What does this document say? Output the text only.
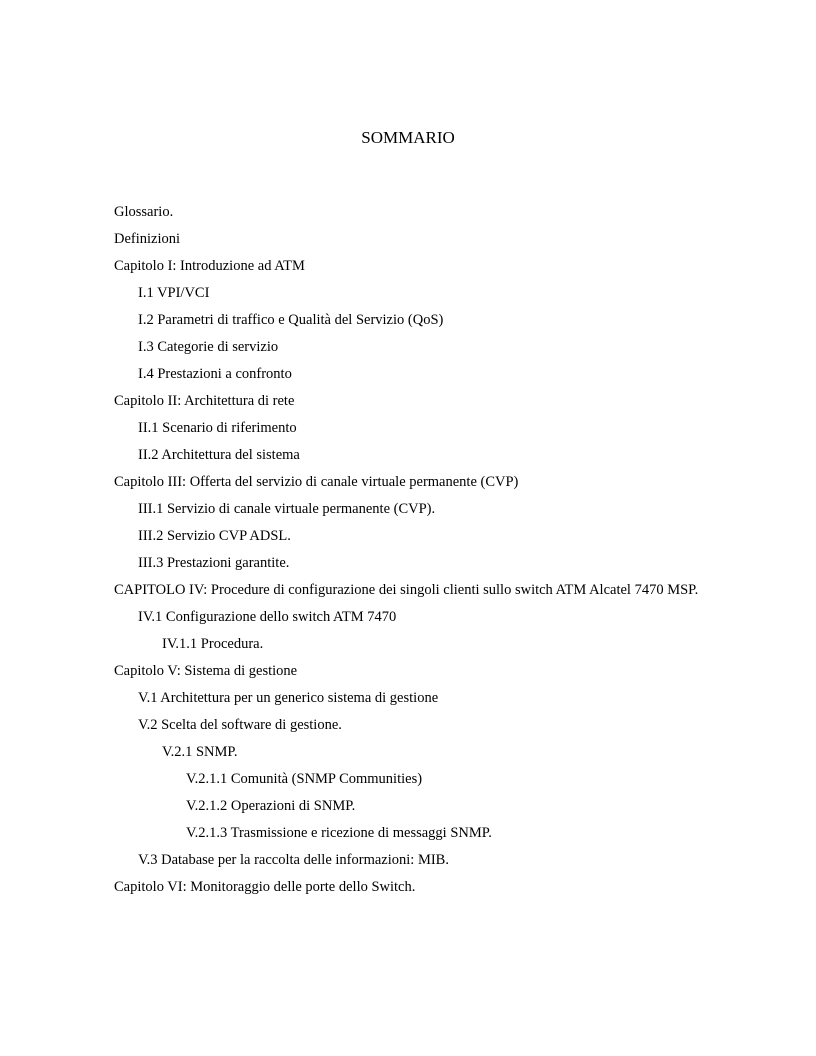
SOMMARIO
Glossario.
Definizioni
Capitolo I: Introduzione ad ATM
I.1 VPI/VCI
I.2 Parametri di traffico e Qualità del Servizio (QoS)
I.3 Categorie di servizio
I.4 Prestazioni a confronto
Capitolo II: Architettura di rete
II.1 Scenario di riferimento
II.2 Architettura del sistema
Capitolo III: Offerta del servizio di canale virtuale permanente (CVP)
III.1 Servizio di canale virtuale permanente (CVP).
III.2 Servizio CVP ADSL.
III.3 Prestazioni garantite.
CAPITOLO IV: Procedure di configurazione dei singoli clienti sullo switch ATM Alcatel 7470 MSP.
IV.1 Configurazione dello switch ATM 7470
IV.1.1 Procedura.
Capitolo V: Sistema di gestione
V.1 Architettura per un generico sistema di gestione
V.2 Scelta del software di gestione.
V.2.1 SNMP.
V.2.1.1 Comunità (SNMP Communities)
V.2.1.2 Operazioni di SNMP.
V.2.1.3 Trasmissione e ricezione di messaggi SNMP.
V.3 Database per la raccolta delle informazioni: MIB.
Capitolo VI: Monitoraggio delle porte dello Switch.
